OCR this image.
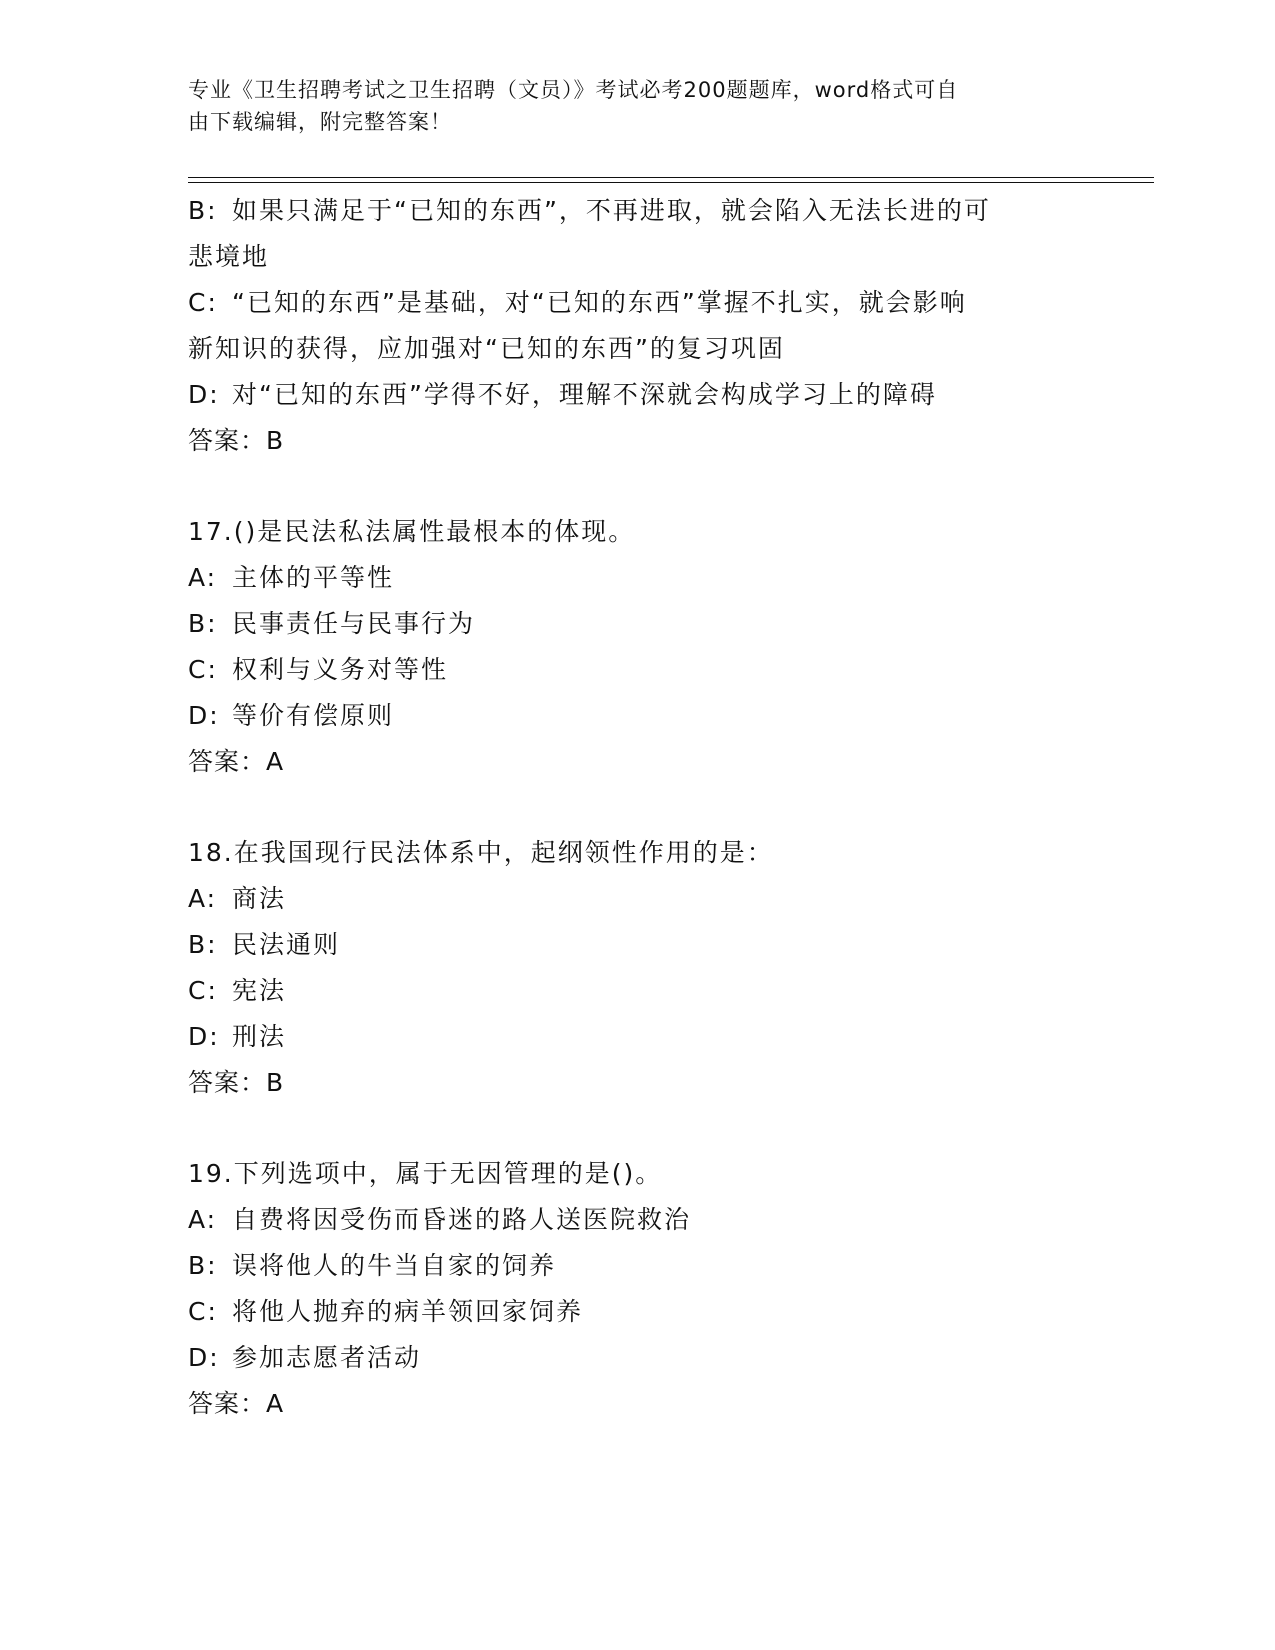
专业《卫生招聘考试之卫生招聘（文员）》考试必考200题题库，word格式可自
由下载编辑，附完整答案！
B: 如果只满足于“已知的东西”，不再进取，就会陷入无法长进的可
悲境地
C: “已知的东西”是基础，对“已知的东西”掌握不扎实，就会影响
新知识的获得，应加强对“已知的东西”的复习巩固
D: 对“已知的东西”学得不好，理解不深就会构成学习上的障碍
答案：B
17.()是民法私法属性最根本的体现。
A: 主体的平等性
B: 民事责任与民事行为
C: 权利与义务对等性
D: 等价有偿原则
答案：A
18.在我国现行民法体系中，起纲领性作用的是：
A: 商法
B: 民法通则
C: 宪法
D: 刑法
答案：B
19.下列选项中，属于无因管理的是()。
A: 自费将因受伤而昏迷的路人送医院救治
B: 误将他人的牛当自家的饲养
C: 将他人抛弃的病羊领回家饲养
D: 参加志愿者活动
答案：A
